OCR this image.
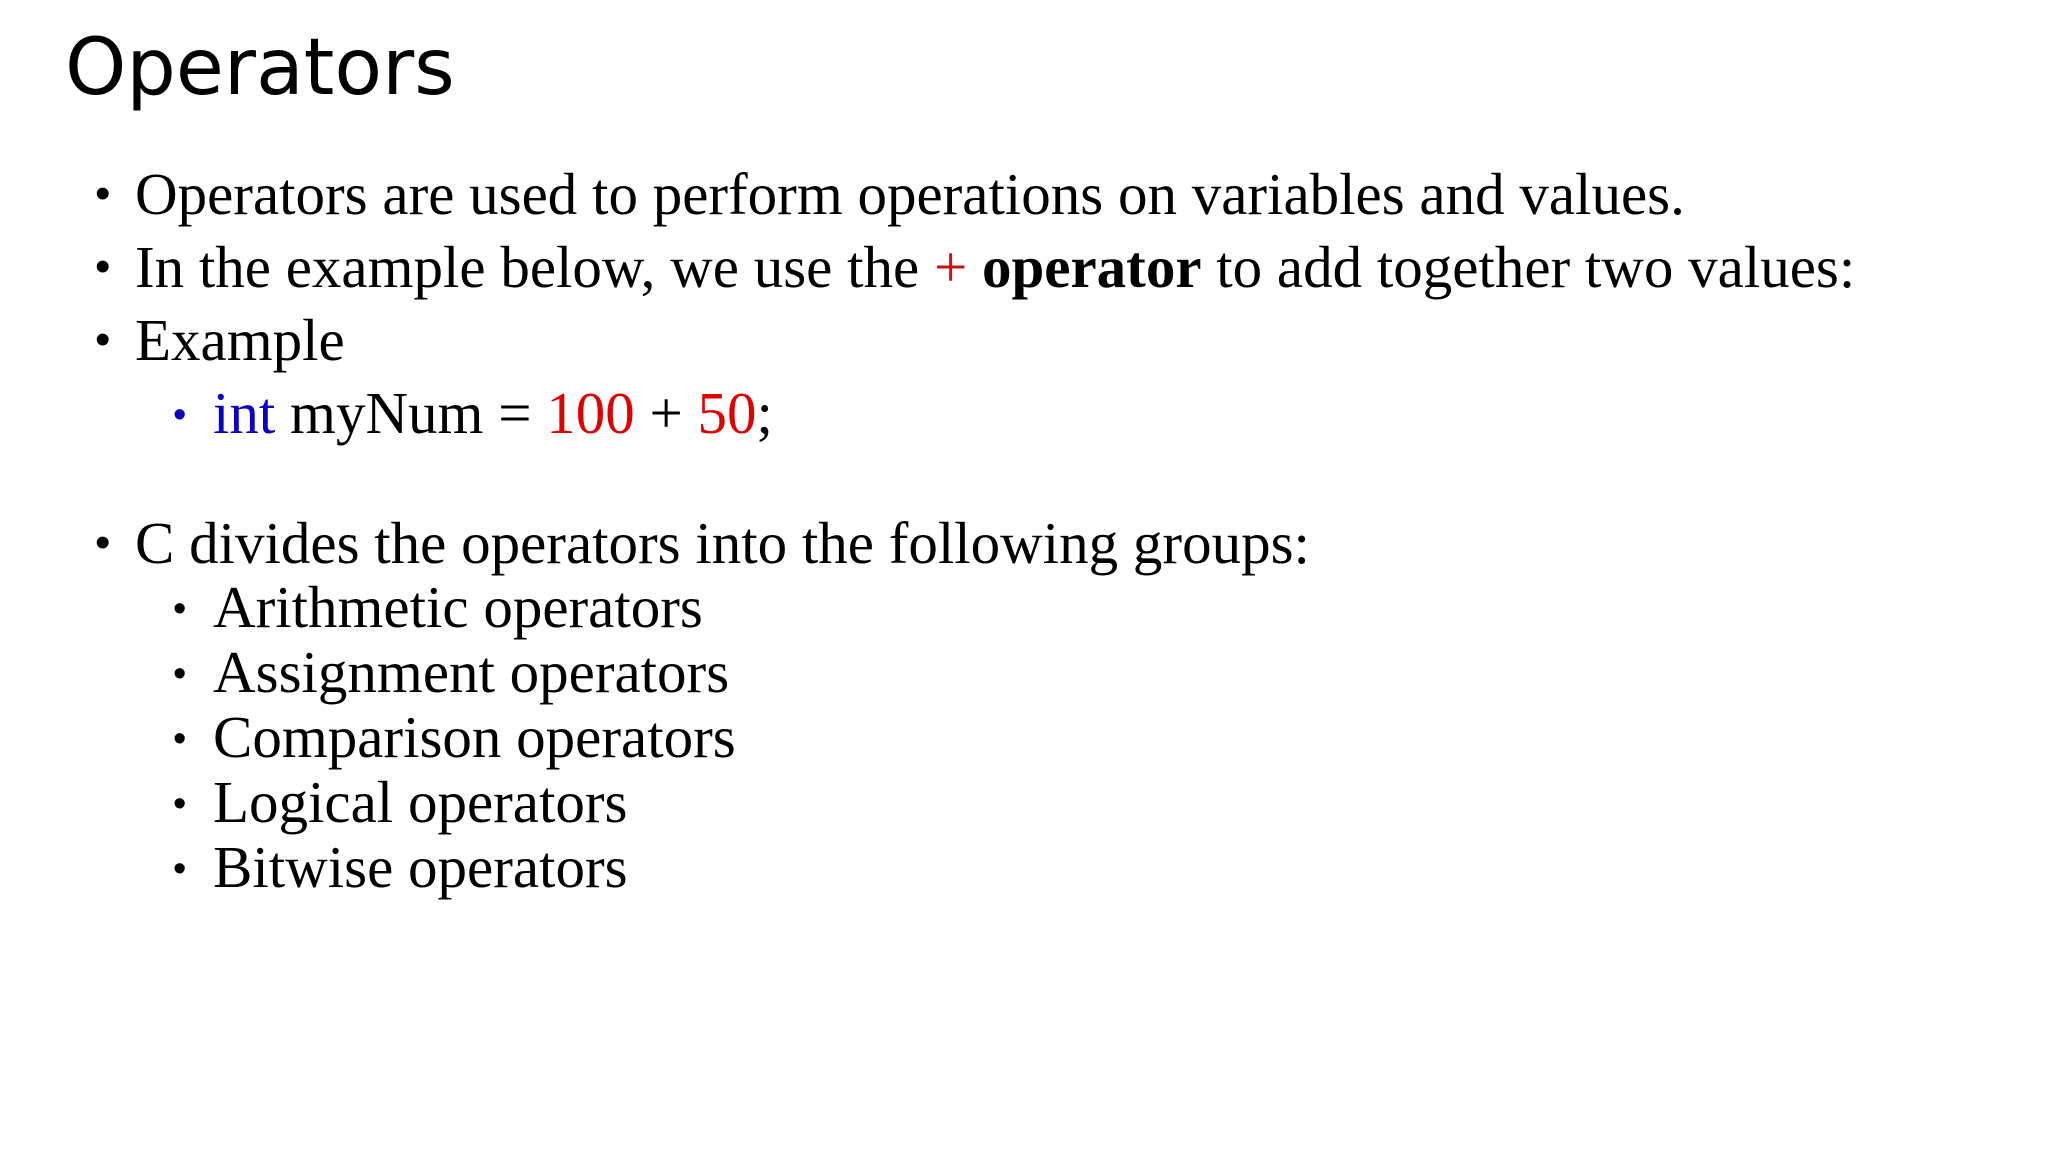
Operators
• Operators are used to perform operations on variables and values.
• In the example below, we use the + operator to add together two values:
• Example
• int myNum = 100 + 50;
• C divides the operators into the following groups:
• Arithmetic operators
• Assignment operators
• Comparison operators
• Logical operators
• Bitwise operators
